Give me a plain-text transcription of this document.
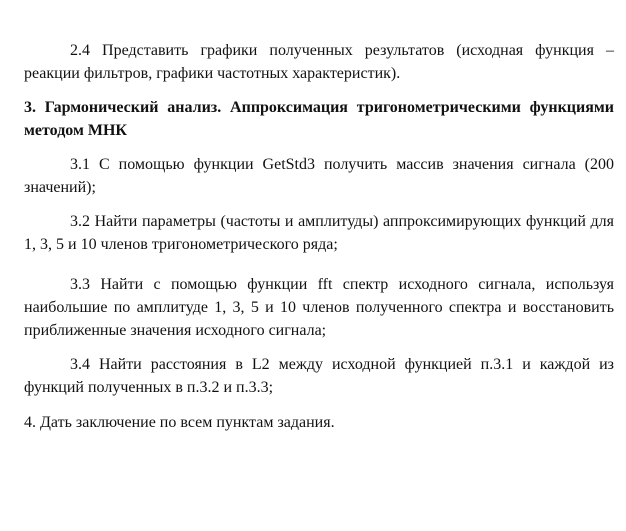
2.4 Представить графики полученных результатов (исходная функция – реакции фильтров, графики частотных характеристик).

3. Гармонический анализ. Аппроксимация тригонометрическими функциями методом МНК

3.1 С помощью функции GetStd3 получить массив значения сигнала (200 значений);

3.2 Найти параметры (частоты и амплитуды) аппроксимирующих функций для 1, 3, 5 и 10 членов тригонометрического ряда;

3.3 Найти с помощью функции fft спектр исходного сигнала, используя наибольшие по амплитуде 1, 3, 5 и 10 членов полученного спектра и восстановить приближенные значения исходного сигнала;

3.4 Найти расстояния в L2 между исходной функцией п.3.1 и каждой из функций полученных в п.3.2 и п.3.3;

4. Дать заключение по всем пунктам задания.
